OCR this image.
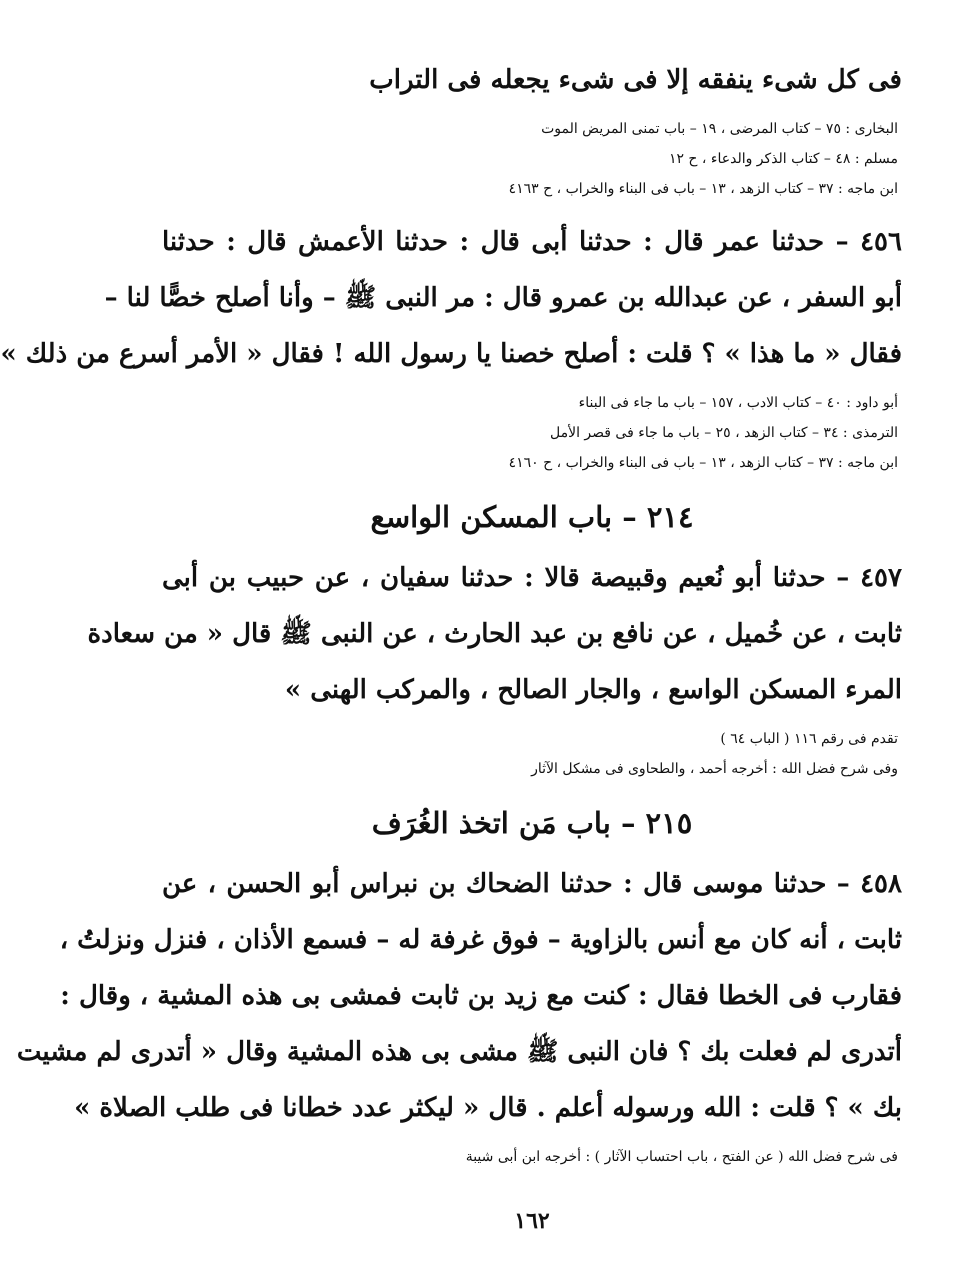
فى كل شىء ينفقه إلا فى شىء يجعله فى التراب
البخارى : ٧٥ – كتاب المرضى ، ١٩ – باب تمنى المريض الموت
مسلم : ٤٨ – كتاب الذكر والدعاء ، ح ١٢
ابن ماجه : ٣٧ – كتاب الزهد ، ١٣ – باب فى البناء والخراب ، ح ٤١٦٣
٤٥٦ – حدثنا عمر قال : حدثنا أبى قال : حدثنا الأعمش قال : حدثنا
أبو السفر ، عن عبدالله بن عمرو قال : مر النبى ﷺ – وأنا أصلح خصًّا لنا –
فقال « ما هذا » ؟ قلت : أصلح خصنا يا رسول الله ! فقال « الأمر أسرع من ذلك »
أبو داود : ٤٠ – كتاب الادب ، ١٥٧ – باب ما جاء فى البناء
الترمذى : ٣٤ – كتاب الزهد ، ٢٥ – باب ما جاء فى قصر الأمل
ابن ماجه : ٣٧ – كتاب الزهد ، ١٣ – باب فى البناء والخراب ، ح ٤١٦٠
٢١٤ – باب المسكن الواسع
٤٥٧ – حدثنا أبو نُعيم وقبيصة قالا : حدثنا سفيان ، عن حبيب بن أبى
ثابت ، عن خُميل ، عن نافع بن عبد الحارث ، عن النبى ﷺ قال « من سعادة
المرء المسكن الواسع ، والجار الصالح ، والمركب الهنى »
تقدم فى رقم ١١٦ ( الباب ٦٤ )
وفى شرح فضل الله : أخرجه أحمد ، والطحاوى فى مشكل الآثار
٢١٥ – باب مَن اتخذ الغُرَف
٤٥٨ – حدثنا موسى قال : حدثنا الضحاك بن نبراس أبو الحسن ، عن
ثابت ، أنه كان مع أنس بالزاوية – فوق غرفة له – فسمع الأذان ، فنزل ونزلتُ ،
فقارب فى الخطا فقال : كنت مع زيد بن ثابت فمشى بى هذه المشية ، وقال :
أتدرى لم فعلت بك ؟ فان النبى ﷺ مشى بى هذه المشية وقال « أتدرى لم مشيت
بك » ؟ قلت : الله ورسوله أعلم . قال « ليكثر عدد خطانا فى طلب الصلاة »
فى شرح فضل الله ( عن الفتح ، باب احتساب الآثار ) : أخرجه ابن أبى شيبة
١٦٢
